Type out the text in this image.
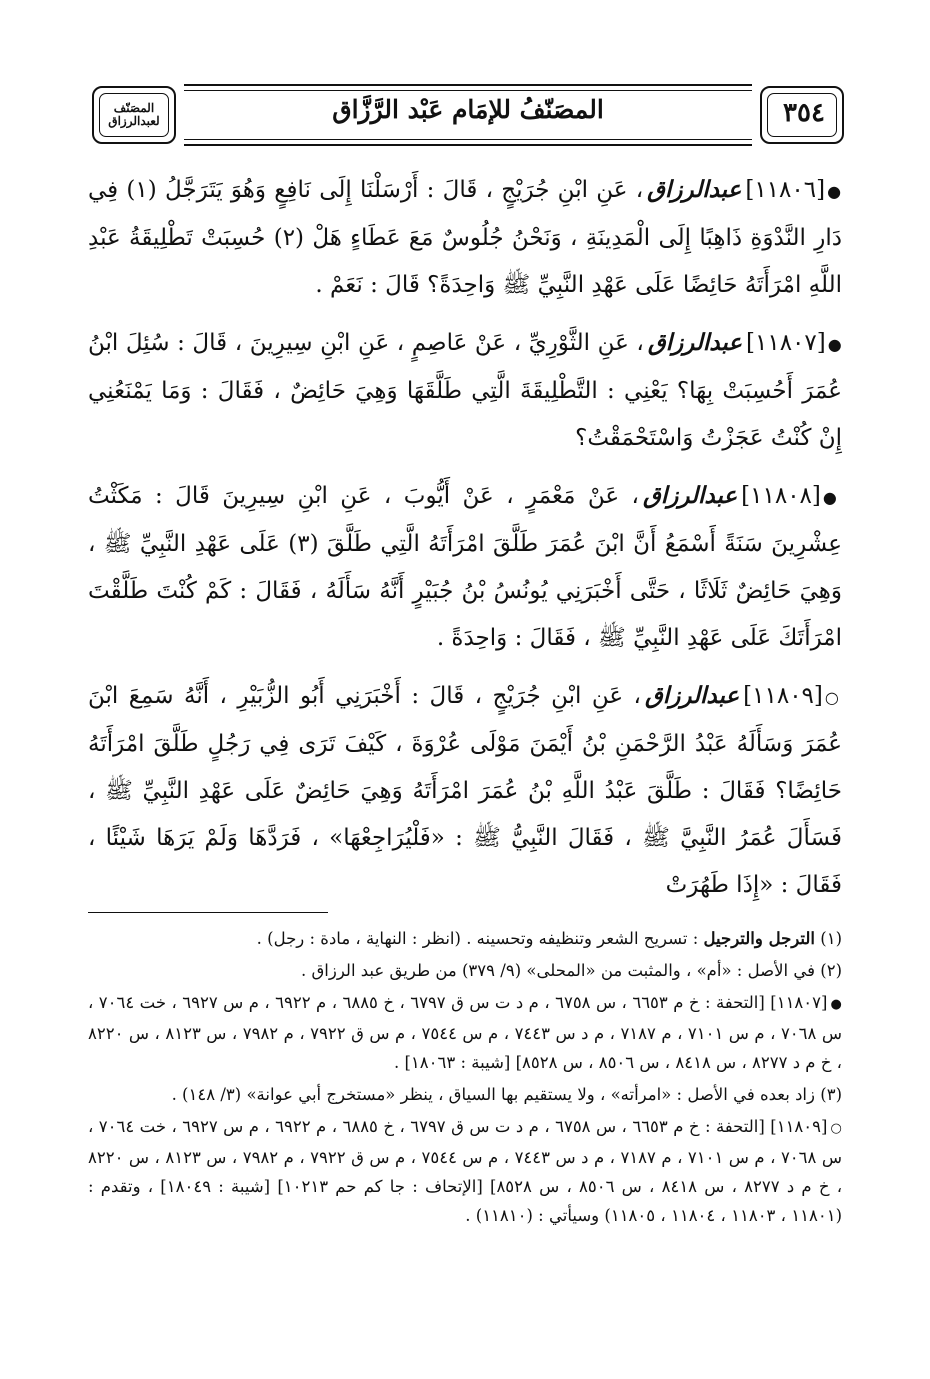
المصَنّف لعبدالرزاق	المصَنّفُ للإمَام عَبْد الرَّزَّاق	٣٥٤

●[١١٨٠٦]عبدالرزاق، عَنِ ابْنِ جُرَيْجٍ ، قَالَ : أَرْسَلْنَا إِلَى نَافِعٍ وَهُوَ يَتَرَجَّلُ (١) فِي دَارِ النَّدْوَةِ ذَاهِبًا إِلَى الْمَدِينَةِ ، وَنَحْنُ جُلُوسٌ مَعَ عَطَاءٍ هَلْ (٢) حُسِبَتْ تَطْلِيقَةُ عَبْدِ اللَّهِ امْرَأَتَهُ حَائِضًا عَلَى عَهْدِ النَّبِيِّ ﷺ وَاحِدَةً؟ قَالَ : نَعَمْ .

●[١١٨٠٧]عبدالرزاق، عَنِ الثَّوْرِيِّ ، عَنْ عَاصِمٍ ، عَنِ ابْنِ سِيرِينَ ، قَالَ : سُئِلَ ابْنُ عُمَرَ أَحُسِبَتْ بِهَا؟ يَعْنِي : التَّطْلِيقَةَ الَّتِي طَلَّقَهَا وَهِيَ حَائِضٌ ، فَقَالَ : وَمَا يَمْنَعُنِي إِنْ كُنْتُ عَجَزْتُ وَاسْتَحْمَقْتُ؟

●[١١٨٠٨]عبدالرزاق، عَنْ مَعْمَرٍ ، عَنْ أَيُّوبَ ، عَنِ ابْنِ سِيرِينَ قَالَ : مَكَثْتُ عِشْرِينَ سَنَةً أَسْمَعُ أَنَّ ابْنَ عُمَرَ طَلَّقَ امْرَأَتَهُ الَّتِي طَلَّقَ (٣) عَلَى عَهْدِ النَّبِيِّ ﷺ ، وَهِيَ حَائِضٌ ثَلَاثًا ، حَتَّى أَخْبَرَنِي يُونُسُ بْنُ جُبَيْرٍ أَنَّهُ سَأَلَهُ ، فَقَالَ : كَمْ كُنْتَ طَلَّقْتَ امْرَأَتَكَ عَلَى عَهْدِ النَّبِيِّ ﷺ ، فَقَالَ : وَاحِدَةً .

○[١١٨٠٩]عبدالرزاق، عَنِ ابْنِ جُرَيْجٍ ، قَالَ : أَخْبَرَنِي أَبُو الزُّبَيْرِ ، أَنَّهُ سَمِعَ ابْنَ عُمَرَ وَسَأَلَهُ عَبْدُ الرَّحْمَنِ بْنُ أَيْمَنَ مَوْلَى عُرْوَةَ ، كَيْفَ تَرَى فِي رَجُلٍ طَلَّقَ امْرَأَتَهُ حَائِضًا؟ فَقَالَ : طَلَّقَ عَبْدُ اللَّهِ بْنُ عُمَرَ امْرَأَتَهُ وَهِيَ حَائِضٌ عَلَى عَهْدِ النَّبِيِّ ﷺ ، فَسَأَلَ عُمَرُ النَّبِيَّ ﷺ ، فَقَالَ النَّبِيُّ ﷺ : «فَلْيُرَاجِعْهَا» ، فَرَدَّهَا وَلَمْ يَرَهَا شَيْئًا ، فَقَالَ : «إِذَا طَهُرَتْ

(١) الترجل والترجيل : تسريح الشعر وتنظيفه وتحسينه . (انظر : النهاية ، مادة : رجل) .

(٢) في الأصل : «أم» ، والمثبت من «المحلى» (٩/ ٣٧٩) من طريق عبد الرزاق .

●[١١٨٠٧] [التحفة : خ م ٦٦٥٣ ، س ٦٧٥٨ ، م د ت س ق ٦٧٩٧ ، خ ٦٨٨٥ ، م ٦٩٢٢ ، م س ٦٩٢٧ ، خت ٧٠٦٤ ، س ٧٠٦٨ ، م س ٧١٠١ ، م ٧١٨٧ ، م د س ٧٤٤٣ ، م س ٧٥٤٤ ، م س ق ٧٩٢٢ ، م ٧٩٨٢ ، س ٨١٢٣ ، س ٨٢٢٠ ، خ م د ٨٢٧٧ ، س ٨٤١٨ ، س ٨٥٠٦ ، س ٨٥٢٨] [شيبة : ١٨٠٦٣] .

(٣) زاد بعده في الأصل : «امرأته» ، ولا يستقيم بها السياق ، ينظر «مستخرج أبي عوانة» (٣/ ١٤٨) .

○[١١٨٠٩] [التحفة : خ م ٦٦٥٣ ، س ٦٧٥٨ ، م د ت س ق ٦٧٩٧ ، خ ٦٨٨٥ ، م ٦٩٢٢ ، م س ٦٩٢٧ ، خت ٧٠٦٤ ، س ٧٠٦٨ ، م س ٧١٠١ ، م ٧١٨٧ ، م د س ٧٤٤٣ ، م س ٧٥٤٤ ، م س ق ٧٩٢٢ ، م ٧٩٨٢ ، س ٨١٢٣ ، س ٨٢٢٠ ، خ م د ٨٢٧٧ ، س ٨٤١٨ ، س ٨٥٠٦ ، س ٨٥٢٨] [الإتحاف : جا كم حم ١٠٢١٣] [شيبة : ١٨٠٤٩] ، وتقدم : (١١٨٠١ ، ١١٨٠٣ ، ١١٨٠٤ ، ١١٨٠٥) وسيأتي : (١١٨١٠) .
